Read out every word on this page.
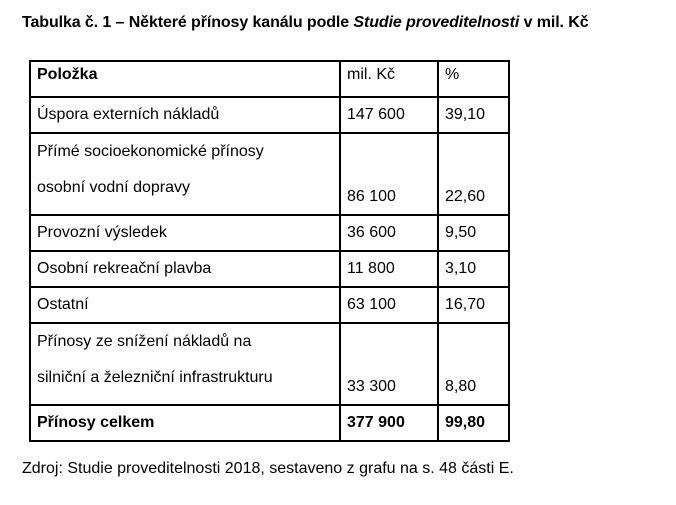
Tabulka č. 1 – Některé přínosy kanálu podle Studie proveditelnosti v mil. Kč
Položka	mil. Kč	%
Úspora externích nákladů	147 600	39,10
Přímé socioekonomické přínosy
osobní vodní dopravy	86 100	22,60
Provozní výsledek	36 600	9,50
Osobní rekreační plavba	11 800	3,10
Ostatní	63 100	16,70
Přínosy ze snížení nákladů na
silniční a železniční infrastrukturu	33 300	8,80
Přínosy celkem	377 900	99,80
Zdroj: Studie proveditelnosti 2018, sestaveno z grafu na s. 48 části E.
